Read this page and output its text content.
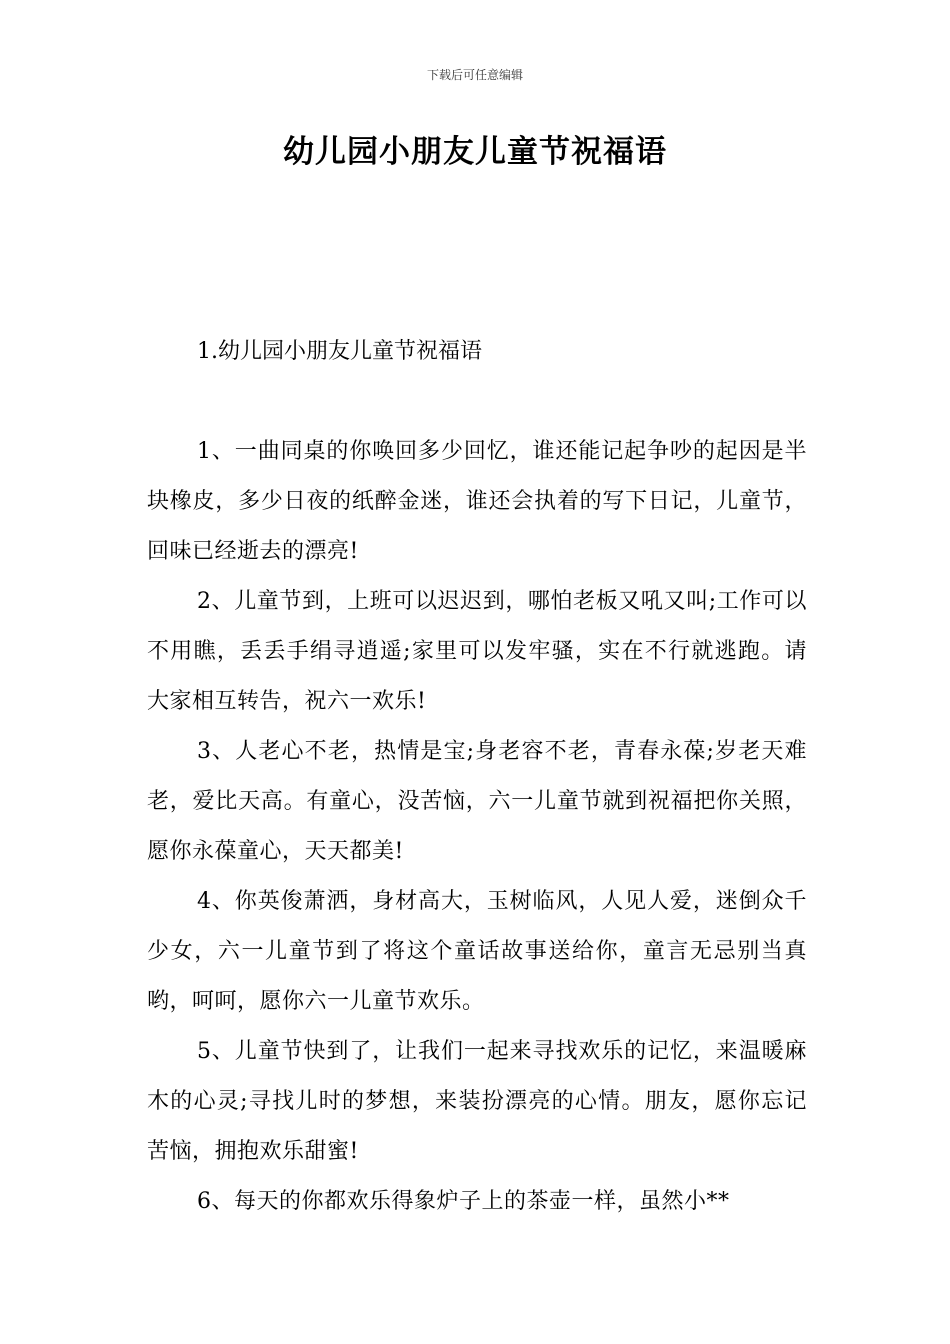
下载后可任意编辑
幼儿园小朋友儿童节祝福语
1.幼儿园小朋友儿童节祝福语

1、一曲同桌的你唤回多少回忆，谁还能记起争吵的起因是半块橡皮，多少日夜的纸醉金迷，谁还会执着的写下日记，儿童节，回味已经逝去的漂亮!

2、儿童节到，上班可以迟迟到，哪怕老板又吼又叫;工作可以不用瞧，丢丢手绢寻逍遥;家里可以发牢骚，实在不行就逃跑。请大家相互转告，祝六一欢乐!

3、人老心不老，热情是宝;身老容不老，青春永葆;岁老天难老，爱比天高。有童心，没苦恼，六一儿童节就到祝福把你关照，愿你永葆童心，天天都美!

4、你英俊萧洒，身材高大，玉树临风，人见人爱，迷倒众千少女，六一儿童节到了将这个童话故事送给你，童言无忌别当真哟，呵呵，愿你六一儿童节欢乐。

5、儿童节快到了，让我们一起来寻找欢乐的记忆，来温暖麻木的心灵;寻找儿时的梦想，来装扮漂亮的心情。朋友，愿你忘记苦恼，拥抱欢乐甜蜜!

6、每天的你都欢乐得象炉子上的茶壶一样，虽然小**
